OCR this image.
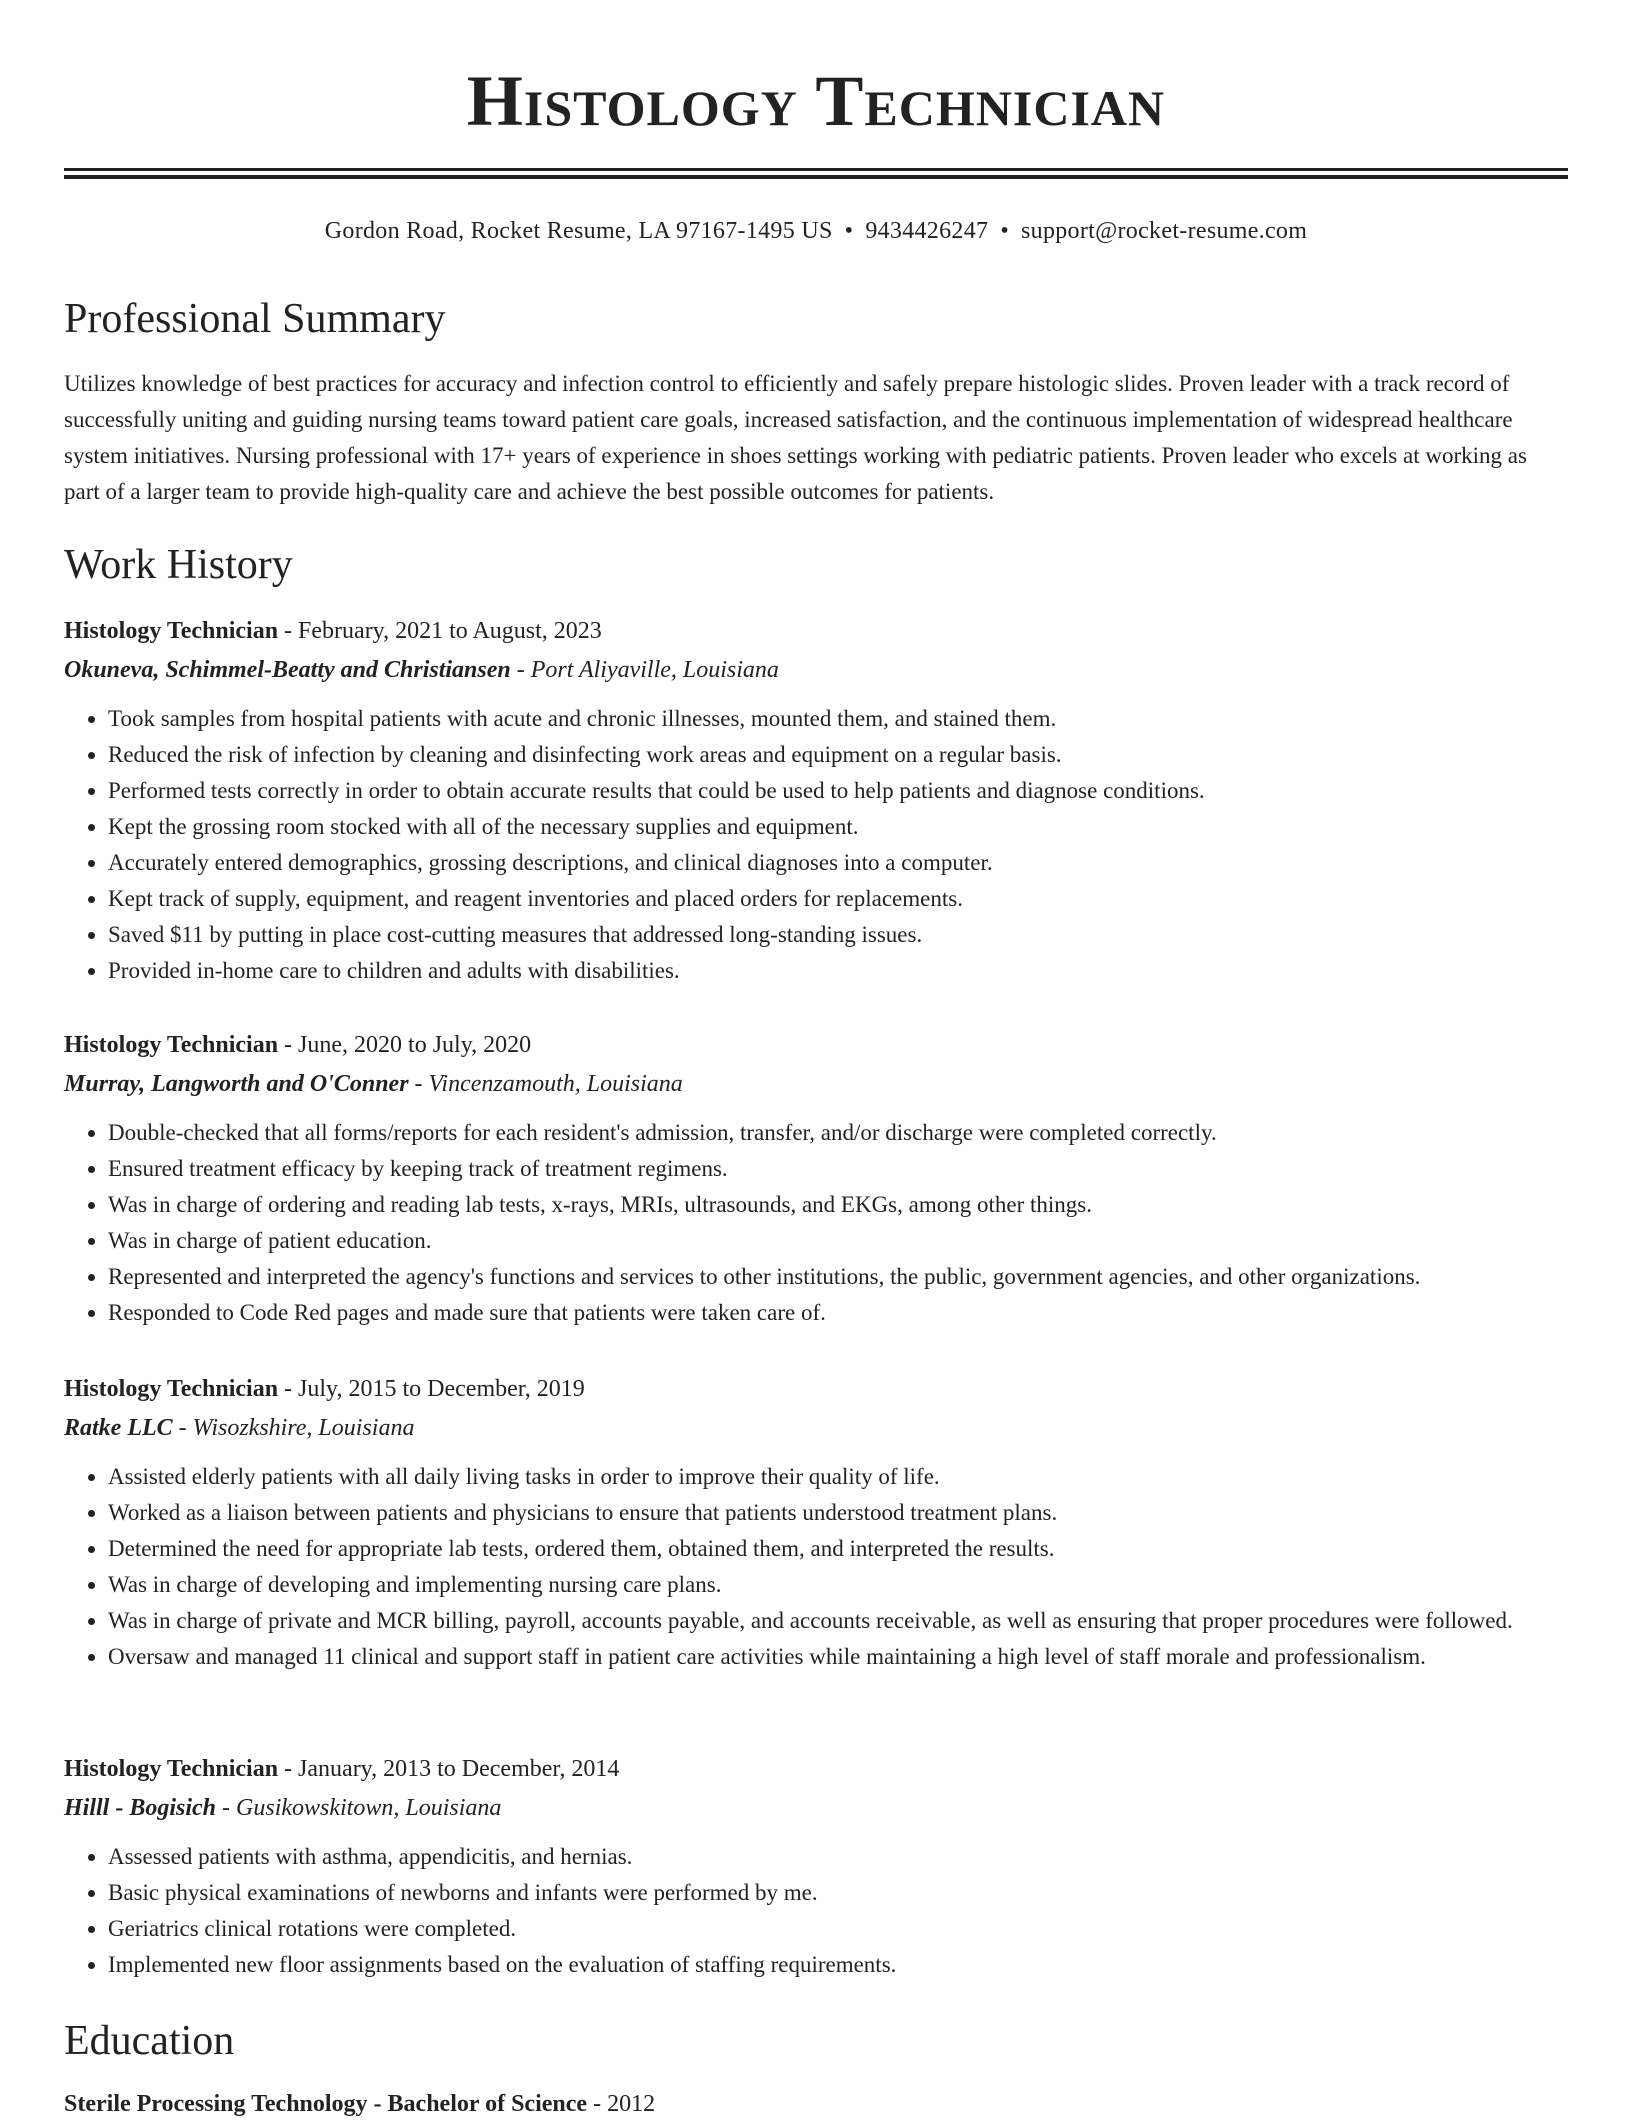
Histology Technician
Gordon Road, Rocket Resume, LA 97167-1495 US • 9434426247 • support@rocket-resume.com
Professional Summary
Utilizes knowledge of best practices for accuracy and infection control to efficiently and safely prepare histologic slides. Proven leader with a track record of successfully uniting and guiding nursing teams toward patient care goals, increased satisfaction, and the continuous implementation of widespread healthcare system initiatives. Nursing professional with 17+ years of experience in shoes settings working with pediatric patients. Proven leader who excels at working as part of a larger team to provide high-quality care and achieve the best possible outcomes for patients.
Work History
Histology Technician - February, 2021 to August, 2023
Okuneva, Schimmel-Beatty and Christiansen - Port Aliyaville, Louisiana
• Took samples from hospital patients with acute and chronic illnesses, mounted them, and stained them.
• Reduced the risk of infection by cleaning and disinfecting work areas and equipment on a regular basis.
• Performed tests correctly in order to obtain accurate results that could be used to help patients and diagnose conditions.
• Kept the grossing room stocked with all of the necessary supplies and equipment.
• Accurately entered demographics, grossing descriptions, and clinical diagnoses into a computer.
• Kept track of supply, equipment, and reagent inventories and placed orders for replacements.
• Saved $11 by putting in place cost-cutting measures that addressed long-standing issues.
• Provided in-home care to children and adults with disabilities.
Histology Technician - June, 2020 to July, 2020
Murray, Langworth and O'Conner - Vincenzamouth, Louisiana
• Double-checked that all forms/reports for each resident's admission, transfer, and/or discharge were completed correctly.
• Ensured treatment efficacy by keeping track of treatment regimens.
• Was in charge of ordering and reading lab tests, x-rays, MRIs, ultrasounds, and EKGs, among other things.
• Was in charge of patient education.
• Represented and interpreted the agency's functions and services to other institutions, the public, government agencies, and other organizations.
• Responded to Code Red pages and made sure that patients were taken care of.
Histology Technician - July, 2015 to December, 2019
Ratke LLC - Wisozkshire, Louisiana
• Assisted elderly patients with all daily living tasks in order to improve their quality of life.
• Worked as a liaison between patients and physicians to ensure that patients understood treatment plans.
• Determined the need for appropriate lab tests, ordered them, obtained them, and interpreted the results.
• Was in charge of developing and implementing nursing care plans.
• Was in charge of private and MCR billing, payroll, accounts payable, and accounts receivable, as well as ensuring that proper procedures were followed.
• Oversaw and managed 11 clinical and support staff in patient care activities while maintaining a high level of staff morale and professionalism.
Histology Technician - January, 2013 to December, 2014
Hilll - Bogisich - Gusikowskitown, Louisiana
• Assessed patients with asthma, appendicitis, and hernias.
• Basic physical examinations of newborns and infants were performed by me.
• Geriatrics clinical rotations were completed.
• Implemented new floor assignments based on the evaluation of staffing requirements.
Education
Sterile Processing Technology - Bachelor of Science - 2012
